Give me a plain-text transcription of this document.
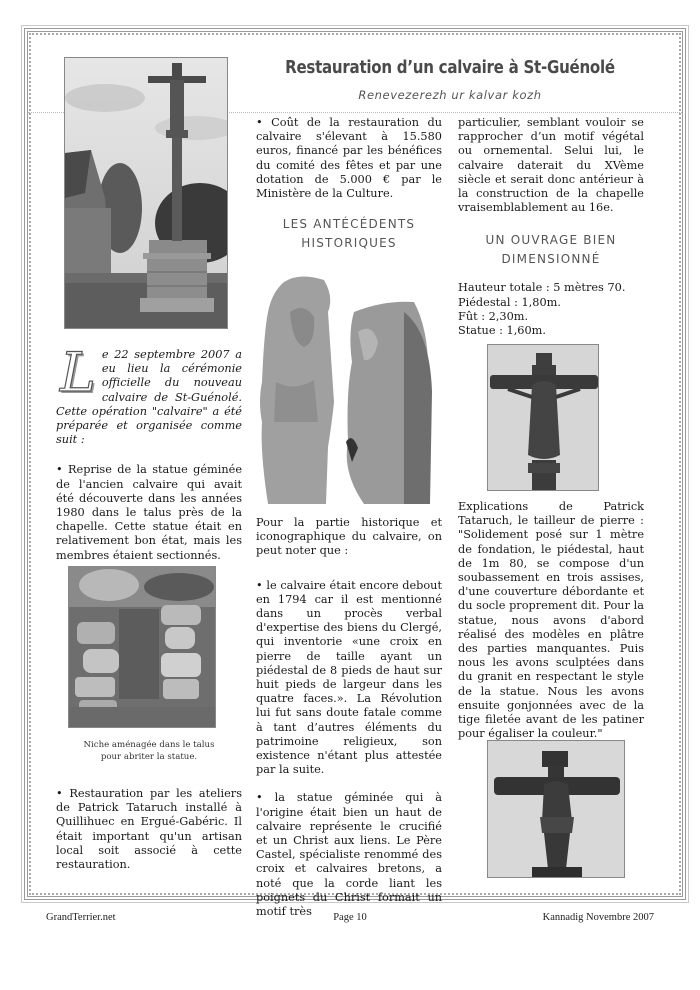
Restauration d’un calvaire à St-Guénolé
Renevezerezh ur kalvar kozh

Le 22 septembre 2007 a eu lieu la cérémonie officielle du nouveau calvaire de St-Guénolé. Cette opération "calvaire" a été préparée et organisée comme suit :

• Reprise de la statue géminée de l'ancien calvaire qui avait été découverte dans les années 1980 dans le talus près de la chapelle. Cette statue était en relativement bon état, mais les membres étaient sectionnés.

Niche aménagée dans le talus
pour abriter la statue.

• Restauration par les ateliers de Patrick Tataruch installé à Quillihuec en Ergué-Gabéric. Il était important qu'un artisan local soit associé à cette restauration.

• Coût de la restauration du calvaire s'élevant à 15.580 euros, financé par les bénéfices du comité des fêtes et par une dotation de 5.000 € par le Ministère de la Culture.

LES ANTÉCÉDENTS
HISTORIQUES

Pour la partie historique et iconographique du calvaire, on peut noter que :

• le calvaire était encore debout en 1794 car il est mentionné dans un procès verbal d'expertise des biens du Clergé, qui inventorie «une croix en pierre de taille ayant un piédestal de 8 pieds de haut sur huit pieds de largeur dans les quatre faces.». La Révolution lui fut sans doute fatale comme à tant d’autres éléments du patrimoine religieux, son existence n'étant plus attestée par la suite.

• la statue géminée qui à l'origine était bien un haut de calvaire représente le crucifié et un Christ aux liens. Le Père Castel, spécialiste renommé des croix et calvaires bretons, a noté que la corde liant les poignets du Christ formait un motif très

particulier, semblant vouloir se rapprocher d’un motif végétal ou ornemental. Selui lui, le calvaire daterait du XVème siècle et serait donc antérieur à la construction de la chapelle vraisemblablement au 16e.

UN OUVRAGE BIEN
DIMENSIONNÉ
Hauteur totale : 5 mètres 70.
Piédestal : 1,80m.
Fût : 2,30m.
Statue : 1,60m.

Explications de Patrick Tataruch, le tailleur de pierre : "Solidement posé sur 1 mètre de fondation, le piédestal, haut de 1m 80, se compose d'un soubassement en trois assises, d'une couverture débordante et du socle proprement dit. Pour la statue, nous avons d'abord réalisé des modèles en plâtre des parties manquantes. Puis nous les avons sculptées dans du granit en respectant le style de la statue. Nous les avons ensuite gonjonnées avec de la tige filetée avant de les patiner pour égaliser la couleur."

GrandTerrier.net	Page 10	Kannadig Novembre 2007
